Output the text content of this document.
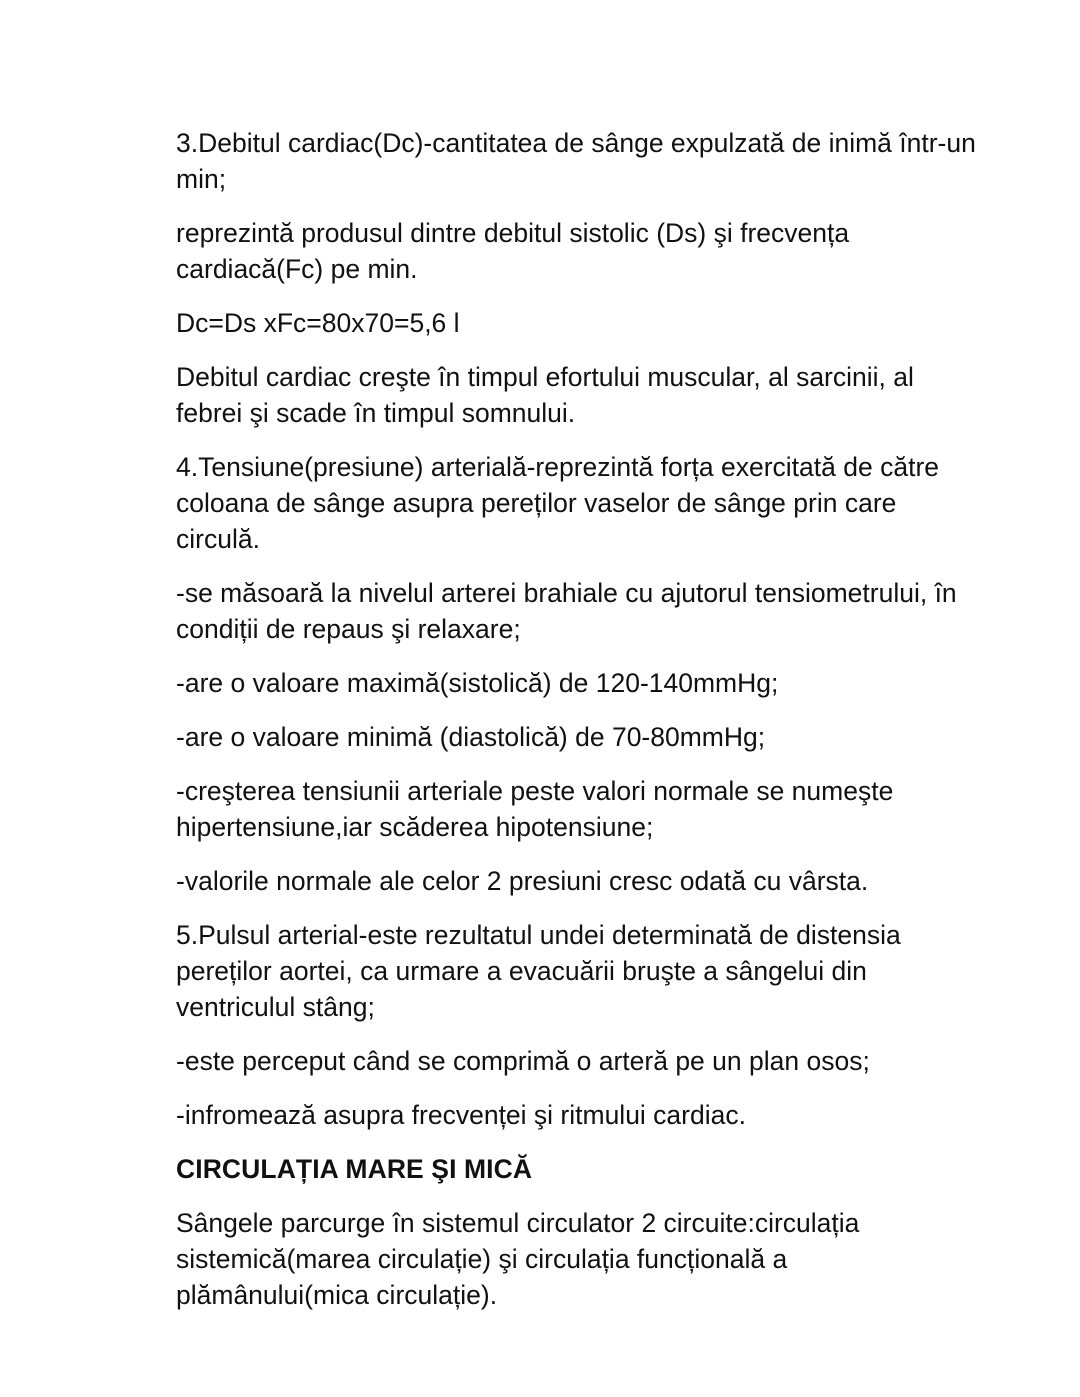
3.Debitul cardiac(Dc)-cantitatea de sânge expulzată de inimă într-un min;

reprezintă produsul dintre debitul sistolic (Ds) şi frecvența cardiacă(Fc) pe min.

Dc=Ds xFc=80x70=5,6 l

Debitul cardiac creşte în timpul efortului muscular, al sarcinii, al febrei şi scade în timpul somnului.

4.Tensiune(presiune) arterială-reprezintă forța exercitată de către coloana de sânge asupra pereților vaselor de sânge prin care circulă.

-se măsoară la nivelul arterei brahiale cu ajutorul tensiometrului, în condiții de repaus şi relaxare;

-are o valoare maximă(sistolică) de 120-140mmHg;

-are o valoare minimă (diastolică) de 70-80mmHg;

-creşterea tensiunii arteriale peste valori normale se numeşte hipertensiune,iar scăderea hipotensiune;

-valorile normale ale celor 2 presiuni cresc odată cu vârsta.

5.Pulsul arterial-este rezultatul undei determinată de distensia pereților aortei, ca urmare a evacuării bruşte a sângelui din ventriculul stâng;

-este perceput când se comprimă o arteră pe un plan osos;

-infromează asupra frecvenței şi ritmului cardiac.

CIRCULAȚIA MARE ŞI MICĂ

Sângele parcurge în sistemul circulator 2 circuite:circulația sistemică(marea circulație) şi circulația funcțională a plămânului(mica circulație).
